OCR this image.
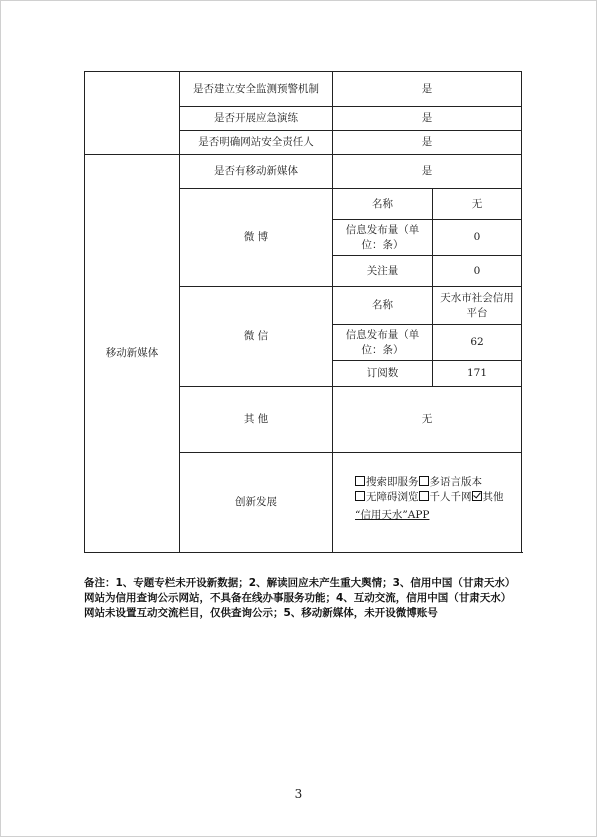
	是否建立安全监测预警机制	是	
	是否开展应急演练	是	
	是否明确网站安全责任人	是	
移动新媒体	是否有移动新媒体	是	
	微 博	名称	无
		信息发布量（单位：条）	0
		关注量	0
	微 信	名称	天水市社会信用平台
		信息发布量（单位：条）	62
		订阅数	171
	其 他	无	
	创新发展	搜索即服务 多语言版本无障碍浏览 千人千网 其他
“信用天水”APP	
备注：1、专题专栏未开设新数据；2、解读回应未产生重大舆情；3、信用中国（甘肃天水）网站为信用查询公示网站，不具备在线办事服务功能；4、互动交流，信用中国（甘肃天水）网站未设置互动交流栏目，仅供查询公示；5、移动新媒体，未开设微博账号
3
